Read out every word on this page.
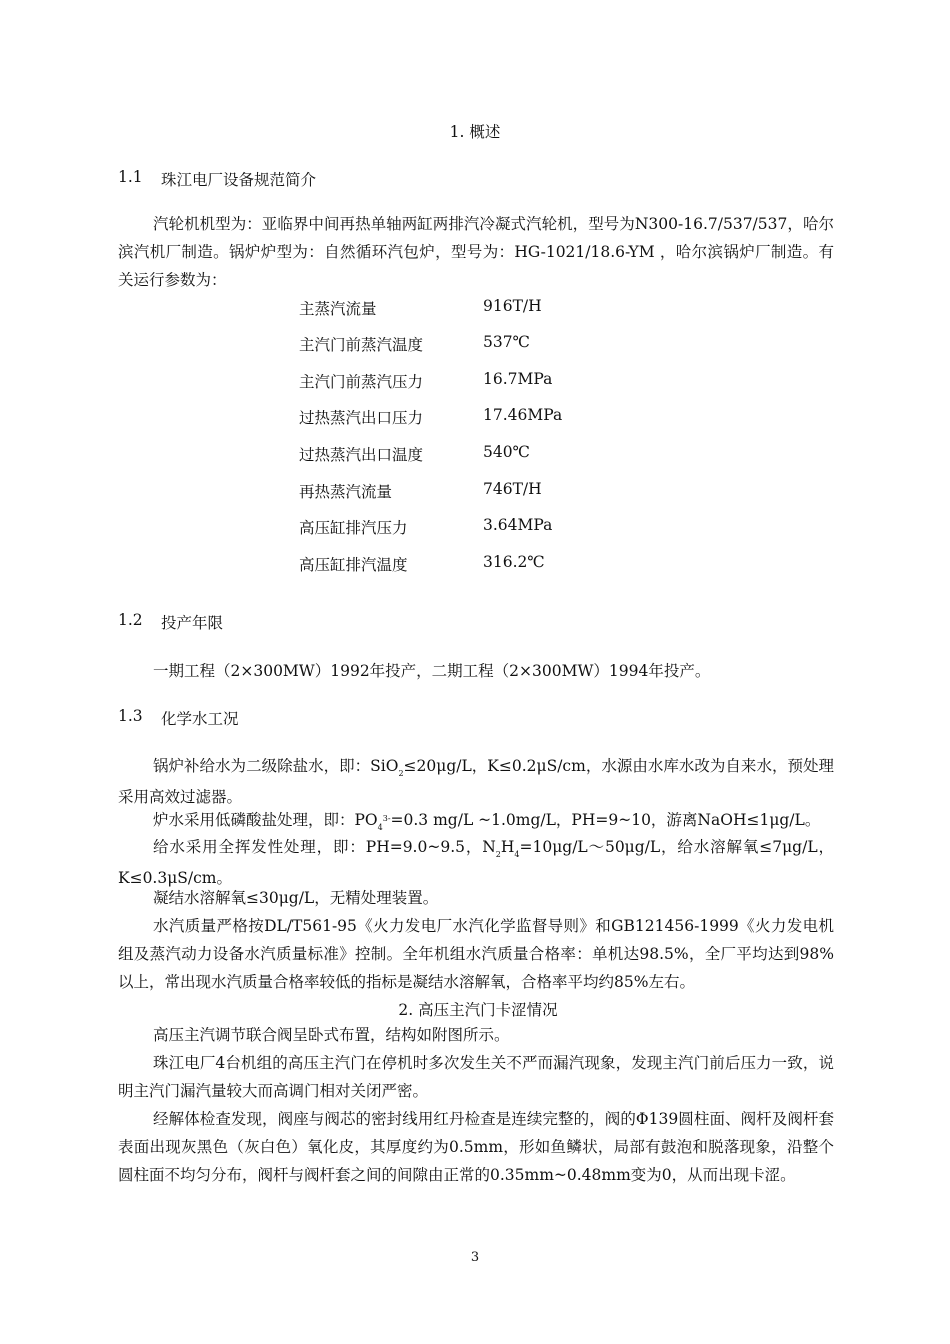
1. 概述
1.1 珠江电厂设备规范简介
汽轮机机型为：亚临界中间再热单轴两缸两排汽冷凝式汽轮机，型号为N300-16.7/537/537，哈尔滨汽机厂制造。锅炉炉型为：自然循环汽包炉，型号为：HG-1021/18.6-YM ，哈尔滨锅炉厂制造。有关运行参数为：
主蒸汽流量	916T/H
主汽门前蒸汽温度	537℃
主汽门前蒸汽压力	16.7MPa
过热蒸汽出口压力	17.46MPa
过热蒸汽出口温度	540℃
再热蒸汽流量	746T/H
高压缸排汽压力	3.64MPa
高压缸排汽温度	316.2℃
1.2 投产年限
一期工程（2×300MW）1992年投产，二期工程（2×300MW）1994年投产。
1.3 化学水工况
锅炉补给水为二级除盐水，即：SiO$_2$≤20μg/L，K≤0.2μS/cm，水源由水库水改为自来水，预处理采用高效过滤器。
炉水采用低磷酸盐处理，即：$PO_4^{3-}=0.3$ mg/L ~1.0mg/L，PH=9~10，游离NaOH≤1μg/L。
给水采用全挥发性处理，即：PH=9.0~9.5，$N_2H_4=10\mu g/L\sim 50\mu g/L$，给水溶解氧≤7μg/L， K≤0.3μS/cm。
凝结水溶解氧≤30μg/L，无精处理装置。
水汽质量严格按DL/T561-95《火力发电厂水汽化学监督导则》和GB121456-1999《火力发电机组及蒸汽动力设备水汽质量标准》控制。全年机组水汽质量合格率：单机达98.5%，全厂平均达到98%以上，常出现水汽质量合格率较低的指标是凝结水溶解氧，合格率平均约85%左右。
2. 高压主汽门卡涩情况
高压主汽调节联合阀呈卧式布置，结构如附图所示。
珠江电厂4台机组的高压主汽门在停机时多次发生关不严而漏汽现象，发现主汽门前后压力一致，说明主汽门漏汽量较大而高调门相对关闭严密。
经解体检查发现，阀座与阀芯的密封线用红丹检查是连续完整的，阀的Φ139圆柱面、阀杆及阀杆套表面出现灰黑色（灰白色）氧化皮，其厚度约为0.5mm，形如鱼鳞状，局部有鼓泡和脱落现象，沿整个圆柱面不均匀分布，阀杆与阀杆套之间的间隙由正常的0.35mm~0.48mm变为0，从而出现卡涩。
3
